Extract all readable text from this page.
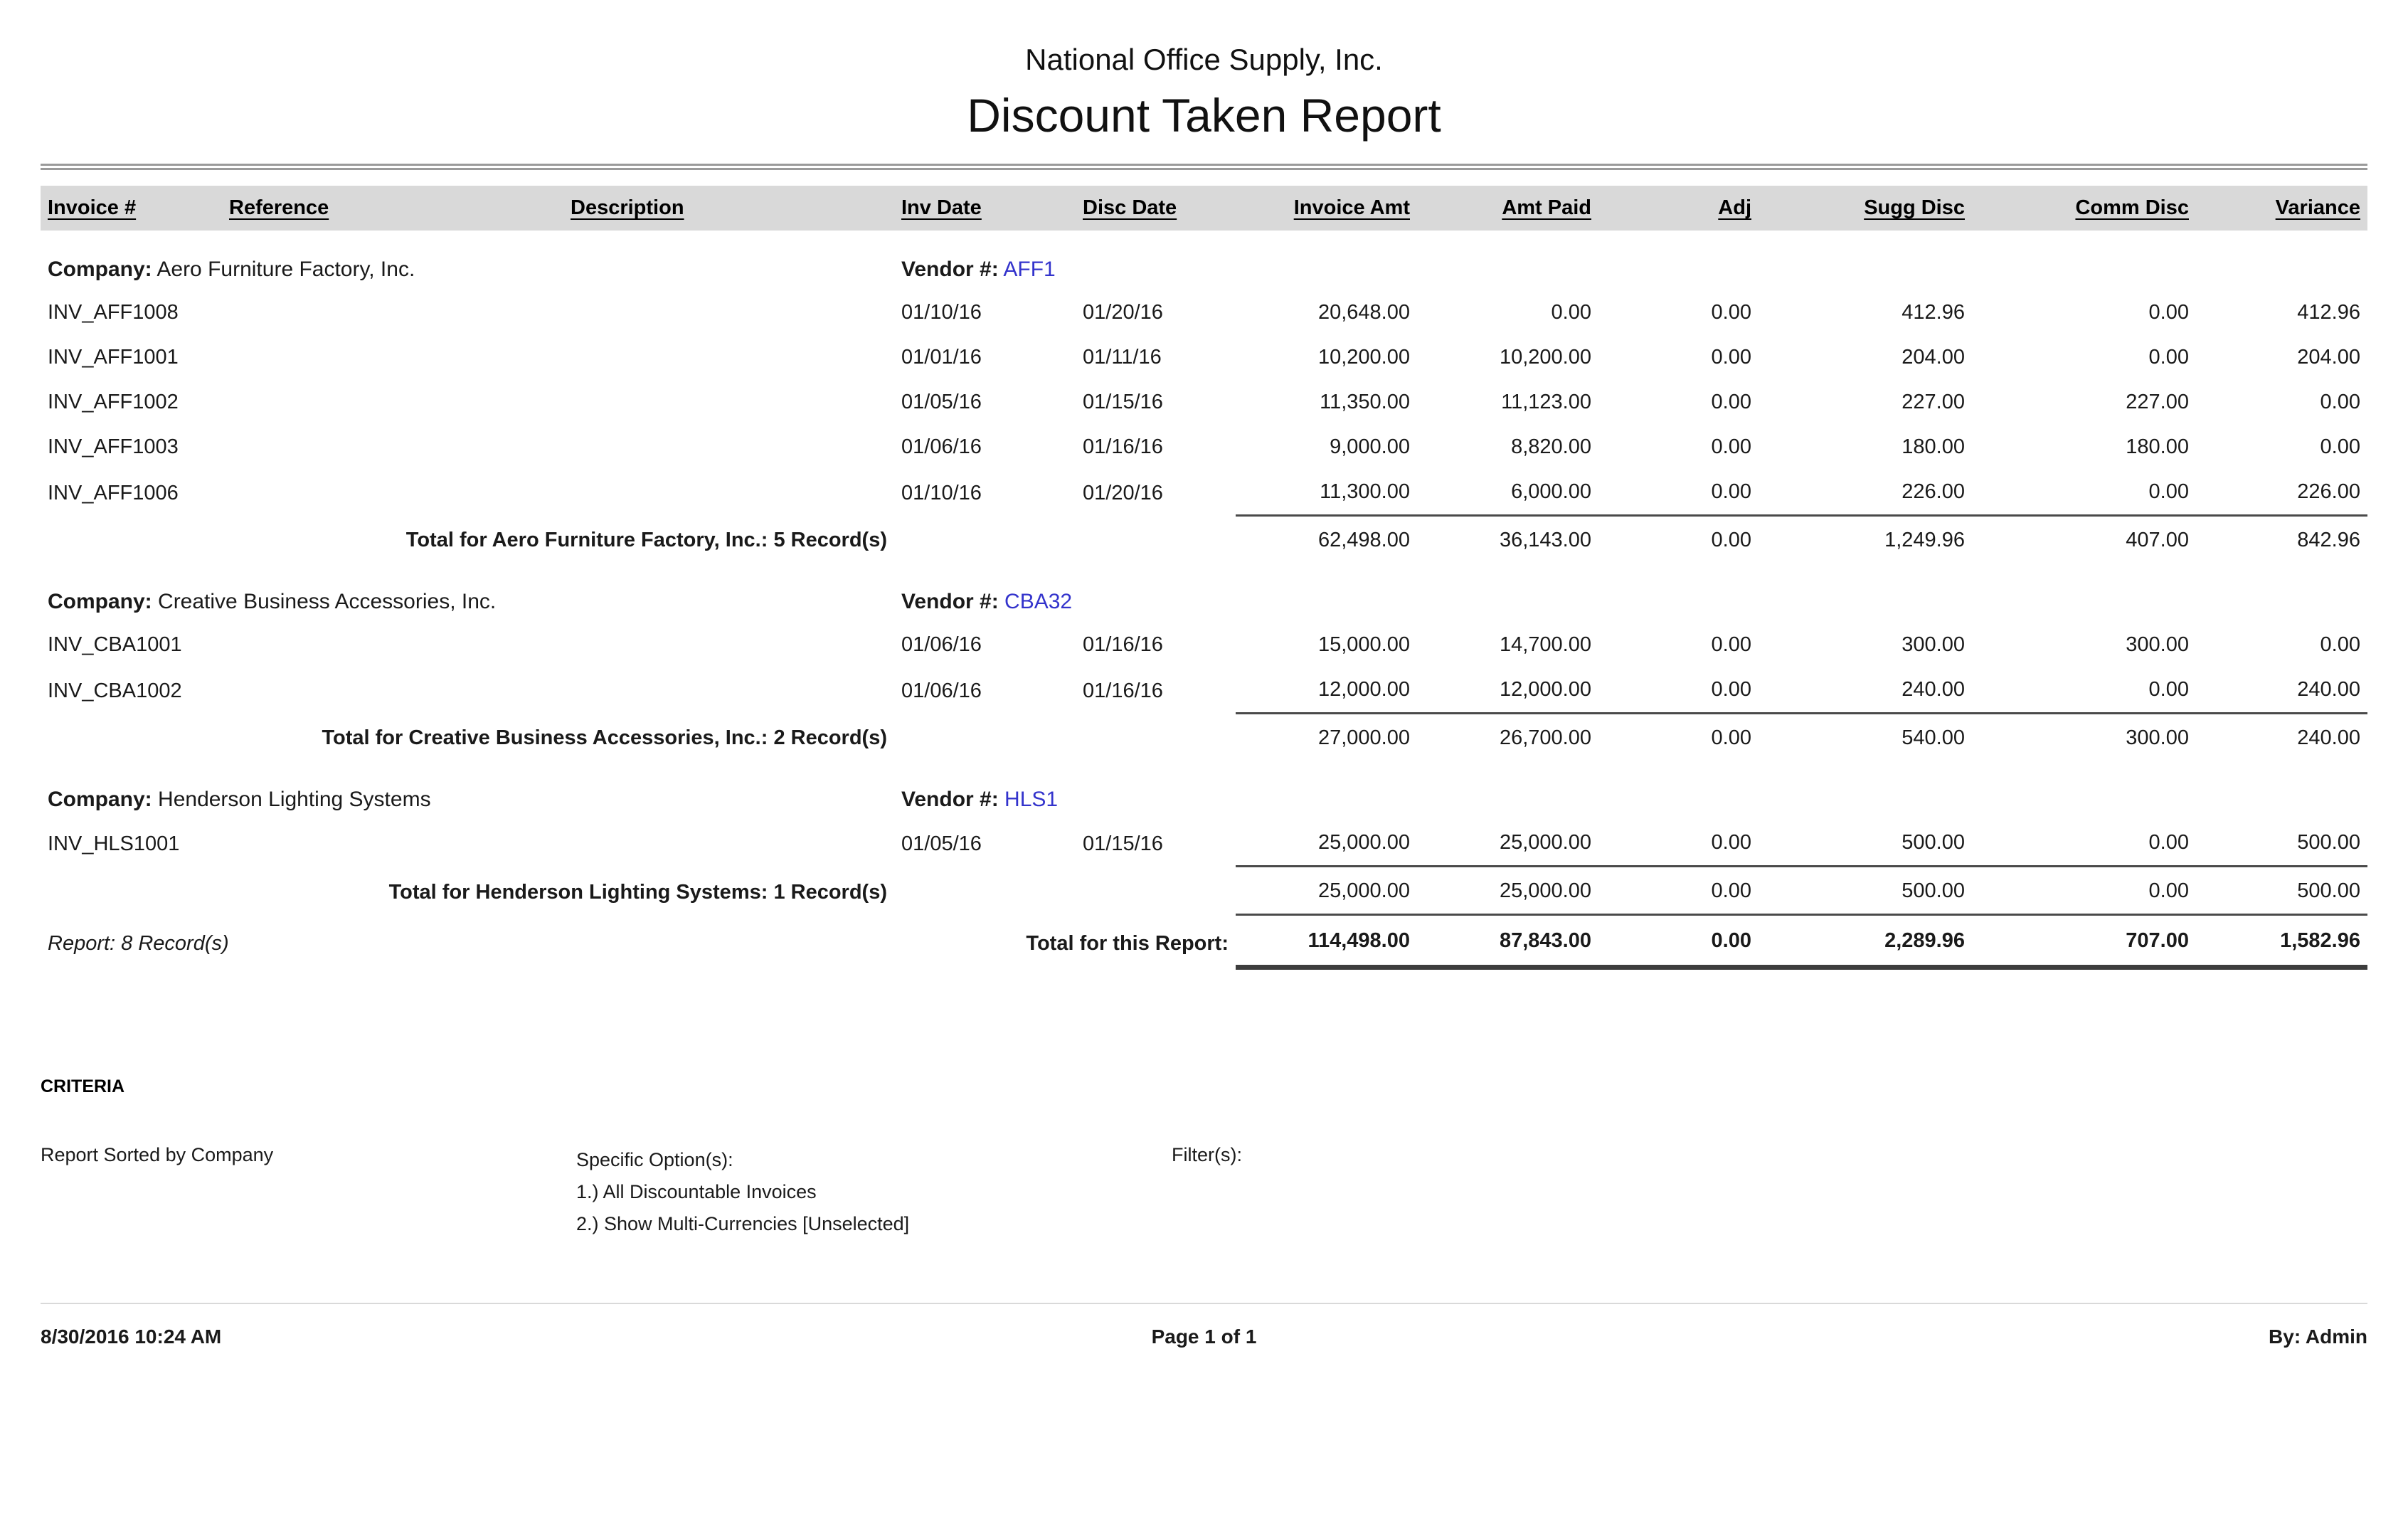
National Office Supply, Inc.
Discount Taken Report
Invoice #	Reference	Description	Inv Date	Disc Date	Invoice Amt	Amt Paid	Adj	Sugg Disc	Comm Disc	Variance
Company: Aero Furniture Factory, Inc.			Vendor #: AFF1							
INV_AFF1008			01/10/16	01/20/16	20,648.00	0.00	0.00	412.96	0.00	412.96
INV_AFF1001			01/01/16	01/11/16	10,200.00	10,200.00	0.00	204.00	0.00	204.00
INV_AFF1002			01/05/16	01/15/16	11,350.00	11,123.00	0.00	227.00	227.00	0.00
INV_AFF1003			01/06/16	01/16/16	9,000.00	8,820.00	0.00	180.00	180.00	0.00
INV_AFF1006			01/10/16	01/20/16	11,300.00	6,000.00	0.00	226.00	0.00	226.00
Total for Aero Furniture Factory, Inc.: 5 Record(s)					62,498.00	36,143.00	0.00	1,249.96	407.00	842.96
Company: Creative Business Accessories, Inc.			Vendor #: CBA32							
INV_CBA1001			01/06/16	01/16/16	15,000.00	14,700.00	0.00	300.00	300.00	0.00
INV_CBA1002			01/06/16	01/16/16	12,000.00	12,000.00	0.00	240.00	0.00	240.00
Total for Creative Business Accessories, Inc.: 2 Record(s)					27,000.00	26,700.00	0.00	540.00	300.00	240.00
Company: Henderson Lighting Systems			Vendor #: HLS1							
INV_HLS1001			01/05/16	01/15/16	25,000.00	25,000.00	0.00	500.00	0.00	500.00
Total for Henderson Lighting Systems: 1 Record(s)					25,000.00	25,000.00	0.00	500.00	0.00	500.00
Report: 8 Record(s)		Total for this Report:			114,498.00	87,843.00	0.00	2,289.96	707.00	1,582.96
CRITERIA
Report Sorted by Company	Specific Option(s):
1.) All Discountable Invoices
2.) Show Multi-Currencies [Unselected]
Filter(s):
8/30/2016 10:24 AM	Page 1 of 1	By: Admin
